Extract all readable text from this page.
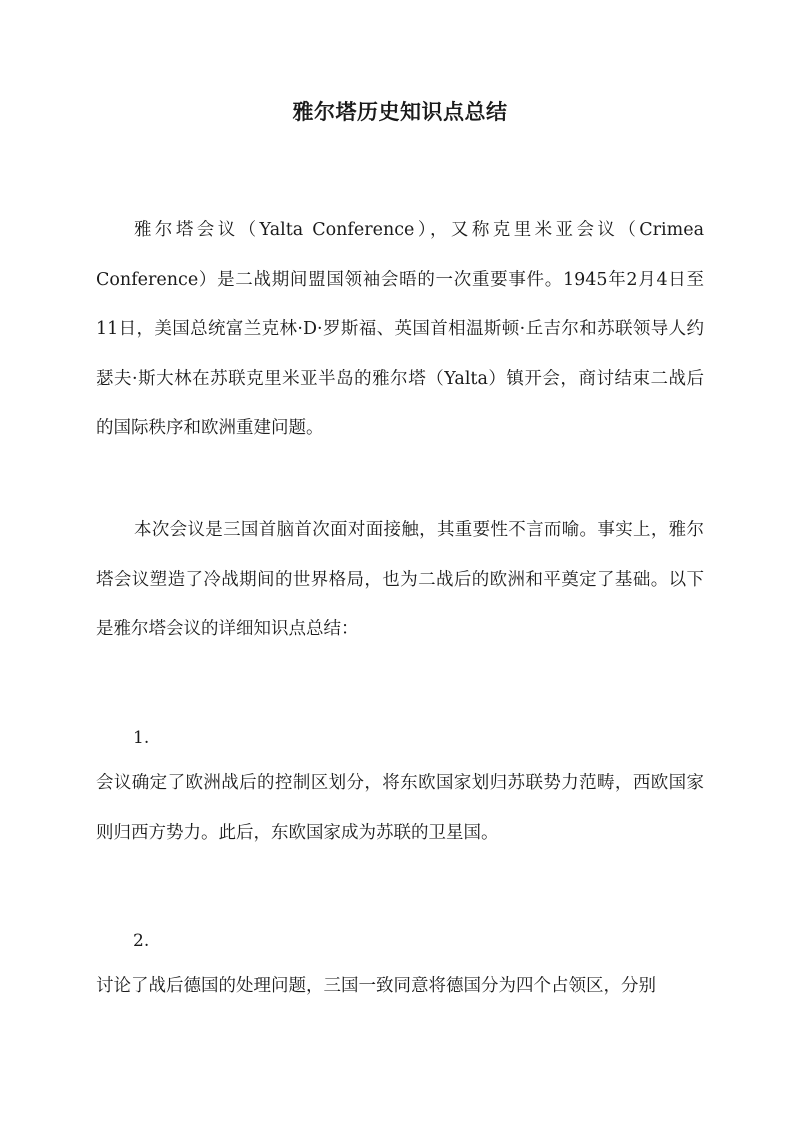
雅尔塔历史知识点总结

雅尔塔会议（Yalta Conference），又称克里米亚会议（Crimea Conference）是二战期间盟国领袖会晤的一次重要事件。1945年2月4日至11日，美国总统富兰克林·D·罗斯福、英国首相温斯顿·丘吉尔和苏联领导人约瑟夫·斯大林在苏联克里米亚半岛的雅尔塔（Yalta）镇开会，商讨结束二战后的国际秩序和欧洲重建问题。

本次会议是三国首脑首次面对面接触，其重要性不言而喻。事实上，雅尔塔会议塑造了冷战期间的世界格局，也为二战后的欧洲和平奠定了基础。以下是雅尔塔会议的详细知识点总结：

1.

会议确定了欧洲战后的控制区划分，将东欧国家划归苏联势力范畴，西欧国家则归西方势力。此后，东欧国家成为苏联的卫星国。

2.

讨论了战后德国的处理问题，三国一致同意将德国分为四个占领区，分别
